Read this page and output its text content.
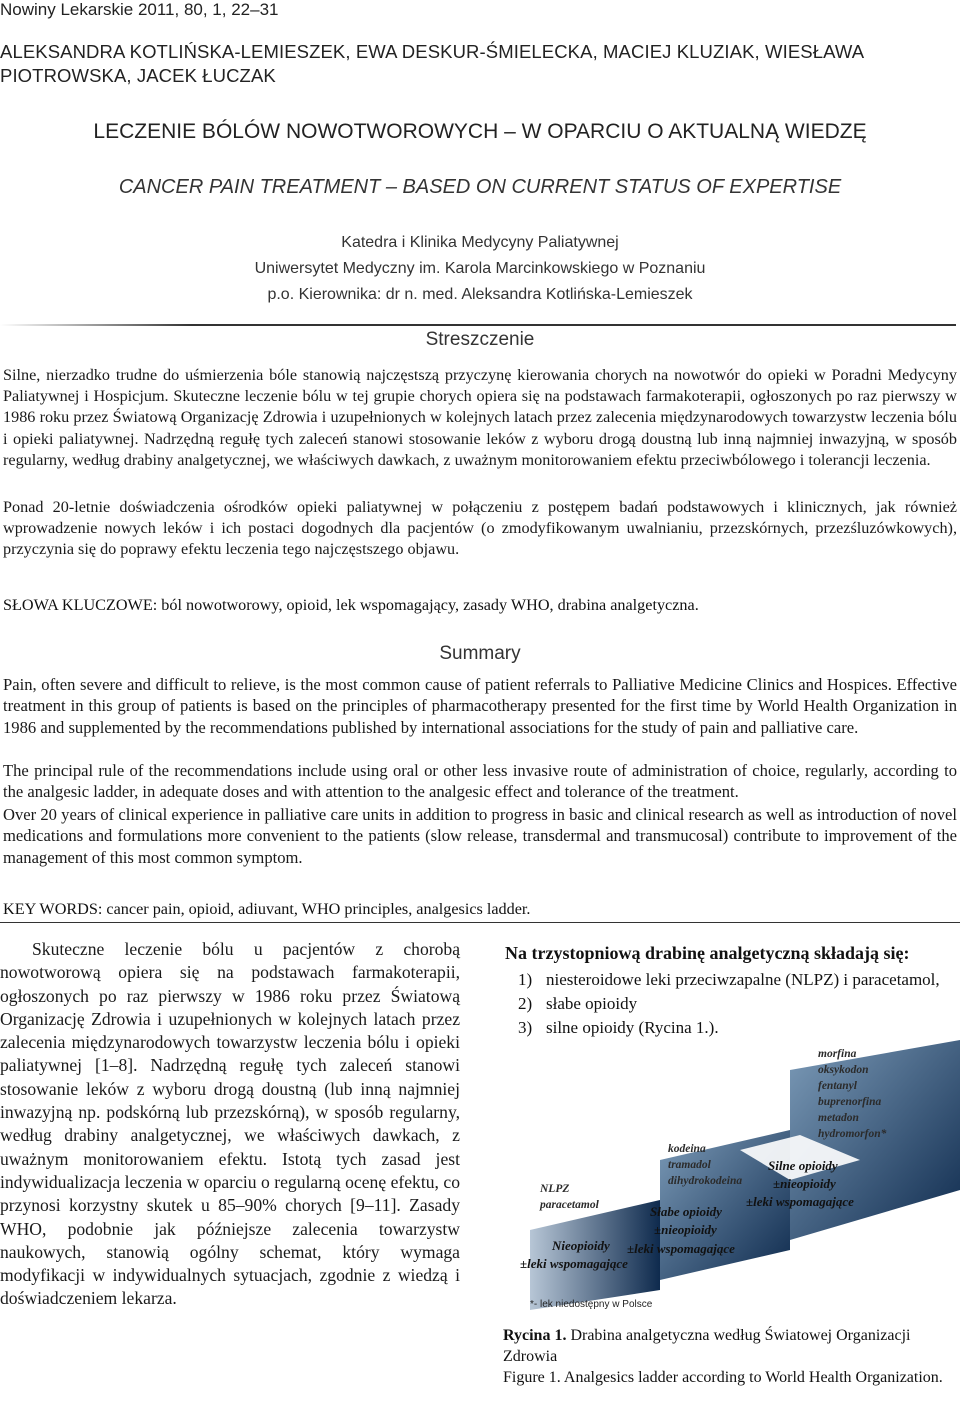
Nowiny Lekarskie 2011, 80, 1, 22–31
ALEKSANDRA KOTLIŃSKA-LEMIESZEK, EWA DESKUR-ŚMIELECKA, MACIEJ KLUZIAK, WIESŁAWA PIOTROWSKA, JACEK ŁUCZAK
LECZENIE BÓLÓW NOWOTWOROWYCH – W OPARCIU O AKTUALNĄ WIEDZĘ
CANCER PAIN TREATMENT – BASED ON CURRENT STATUS OF EXPERTISE
Katedra i Klinika Medycyny Paliatywnej
Uniwersytet Medyczny im. Karola Marcinkowskiego w Poznaniu
p.o. Kierownika: dr n. med. Aleksandra Kotlińska-Lemieszek
Streszczenie
Silne, nierzadko trudne do uśmierzenia bóle stanowią najczęstszą przyczynę kierowania chorych na nowotwór do opieki w Poradni Medycyny Paliatywnej i Hospicjum. Skuteczne leczenie bólu w tej grupie chorych opiera się na podstawach farmakoterapii, ogłoszonych po raz pierwszy w 1986 roku przez Światową Organizację Zdrowia i uzupełnionych w kolejnych latach przez zalecenia międzynarodowych towarzystw leczenia bólu i opieki paliatywnej. Nadrzędną regułę tych zaleceń stanowi stosowanie leków z wyboru drogą doustną lub inną najmniej inwazyjną, w sposób regularny, według drabiny analgetycznej, we właściwych dawkach, z uważnym monitorowaniem efektu przeciwbólowego i tolerancji leczenia.
Ponad 20-letnie doświadczenia ośrodków opieki paliatywnej w połączeniu z postępem badań podstawowych i klinicznych, jak również wprowadzenie nowych leków i ich postaci dogodnych dla pacjentów (o zmodyfikowanym uwalnianiu, przezskórnych, przezśluzówkowych), przyczynia się do poprawy efektu leczenia tego najczęstszego objawu.
SŁOWA KLUCZOWE: ból nowotworowy, opioid, lek wspomagający, zasady WHO, drabina analgetyczna.
Summary
Pain, often severe and difficult to relieve, is the most common cause of patient referrals to Palliative Medicine Clinics and Hospices. Effective treatment in this group of patients is based on the principles of pharmacotherapy presented for the first time by World Health Organization in 1986 and supplemented by the recommendations published by international associations for the study of pain and palliative care.
The principal rule of the recommendations include using oral or other less invasive route of administration of choice, regularly, according to the analgesic ladder, in adequate doses and with attention to the analgesic effect and tolerance of the treatment.
Over 20 years of clinical experience in palliative care units in addition to progress in basic and clinical research as well as introduction of novel medications and formulations more convenient to the patients (slow release, transdermal and transmucosal) contribute to improvement of the management of this most common symptom.
KEY WORDS: cancer pain, opioid, adiuvant, WHO principles, analgesics ladder.
Skuteczne leczenie bólu u pacjentów z chorobą nowotworową opiera się na podstawach farmakoterapii, ogłoszonych po raz pierwszy w 1986 roku przez Światową Organizację Zdrowia i uzupełnionych w kolejnych latach przez zalecenia międzynarodowych towarzystw leczenia bólu i opieki paliatywnej [1–8]. Nadrzędną regułę tych zaleceń stanowi stosowanie leków z wyboru drogą doustną (lub inną najmniej inwazyjną np. podskórną lub przezskórną), w sposób regularny, według drabiny analgetycznej, we właściwych dawkach, z uważnym monitorowaniem efektu. Istotą tych zasad jest indywidualizacja leczenia w oparciu o regularną ocenę efektu, co przynosi korzystny skutek u 85–90% chorych [9–11]. Zasady WHO, podobnie jak późniejsze zalecenia towarzystw naukowych, stanowią ogólny schemat, który wymaga modyfikacji w indywidualnych sytuacjach, zgodnie z wiedzą i doświadczeniem lekarza.
Na trzystopniową drabinę analgetyczną składają się:
1) niesteroidowe leki przeciwzapalne (NLPZ) i paracetamol,
2) słabe opioidy
3) silne opioidy (Rycina 1.).
morfina
oksykodon
fentanyl
buprenorfina
metadon
hydromorfon*
kodeina
tramadol
dihydrokodeina
NLPZ
paracetamol
Silne opioidy
±nieopioidy
±leki wspomagające
Słabe opioidy
±nieopioidy
±leki wspomagające
Nieopioidy
±leki wspomagające
*- lek niedostępny w Polsce
Rycina 1. Drabina analgetyczna według Światowej Organizacji Zdrowia
Figure 1. Analgesics ladder according to World Health Organization.
